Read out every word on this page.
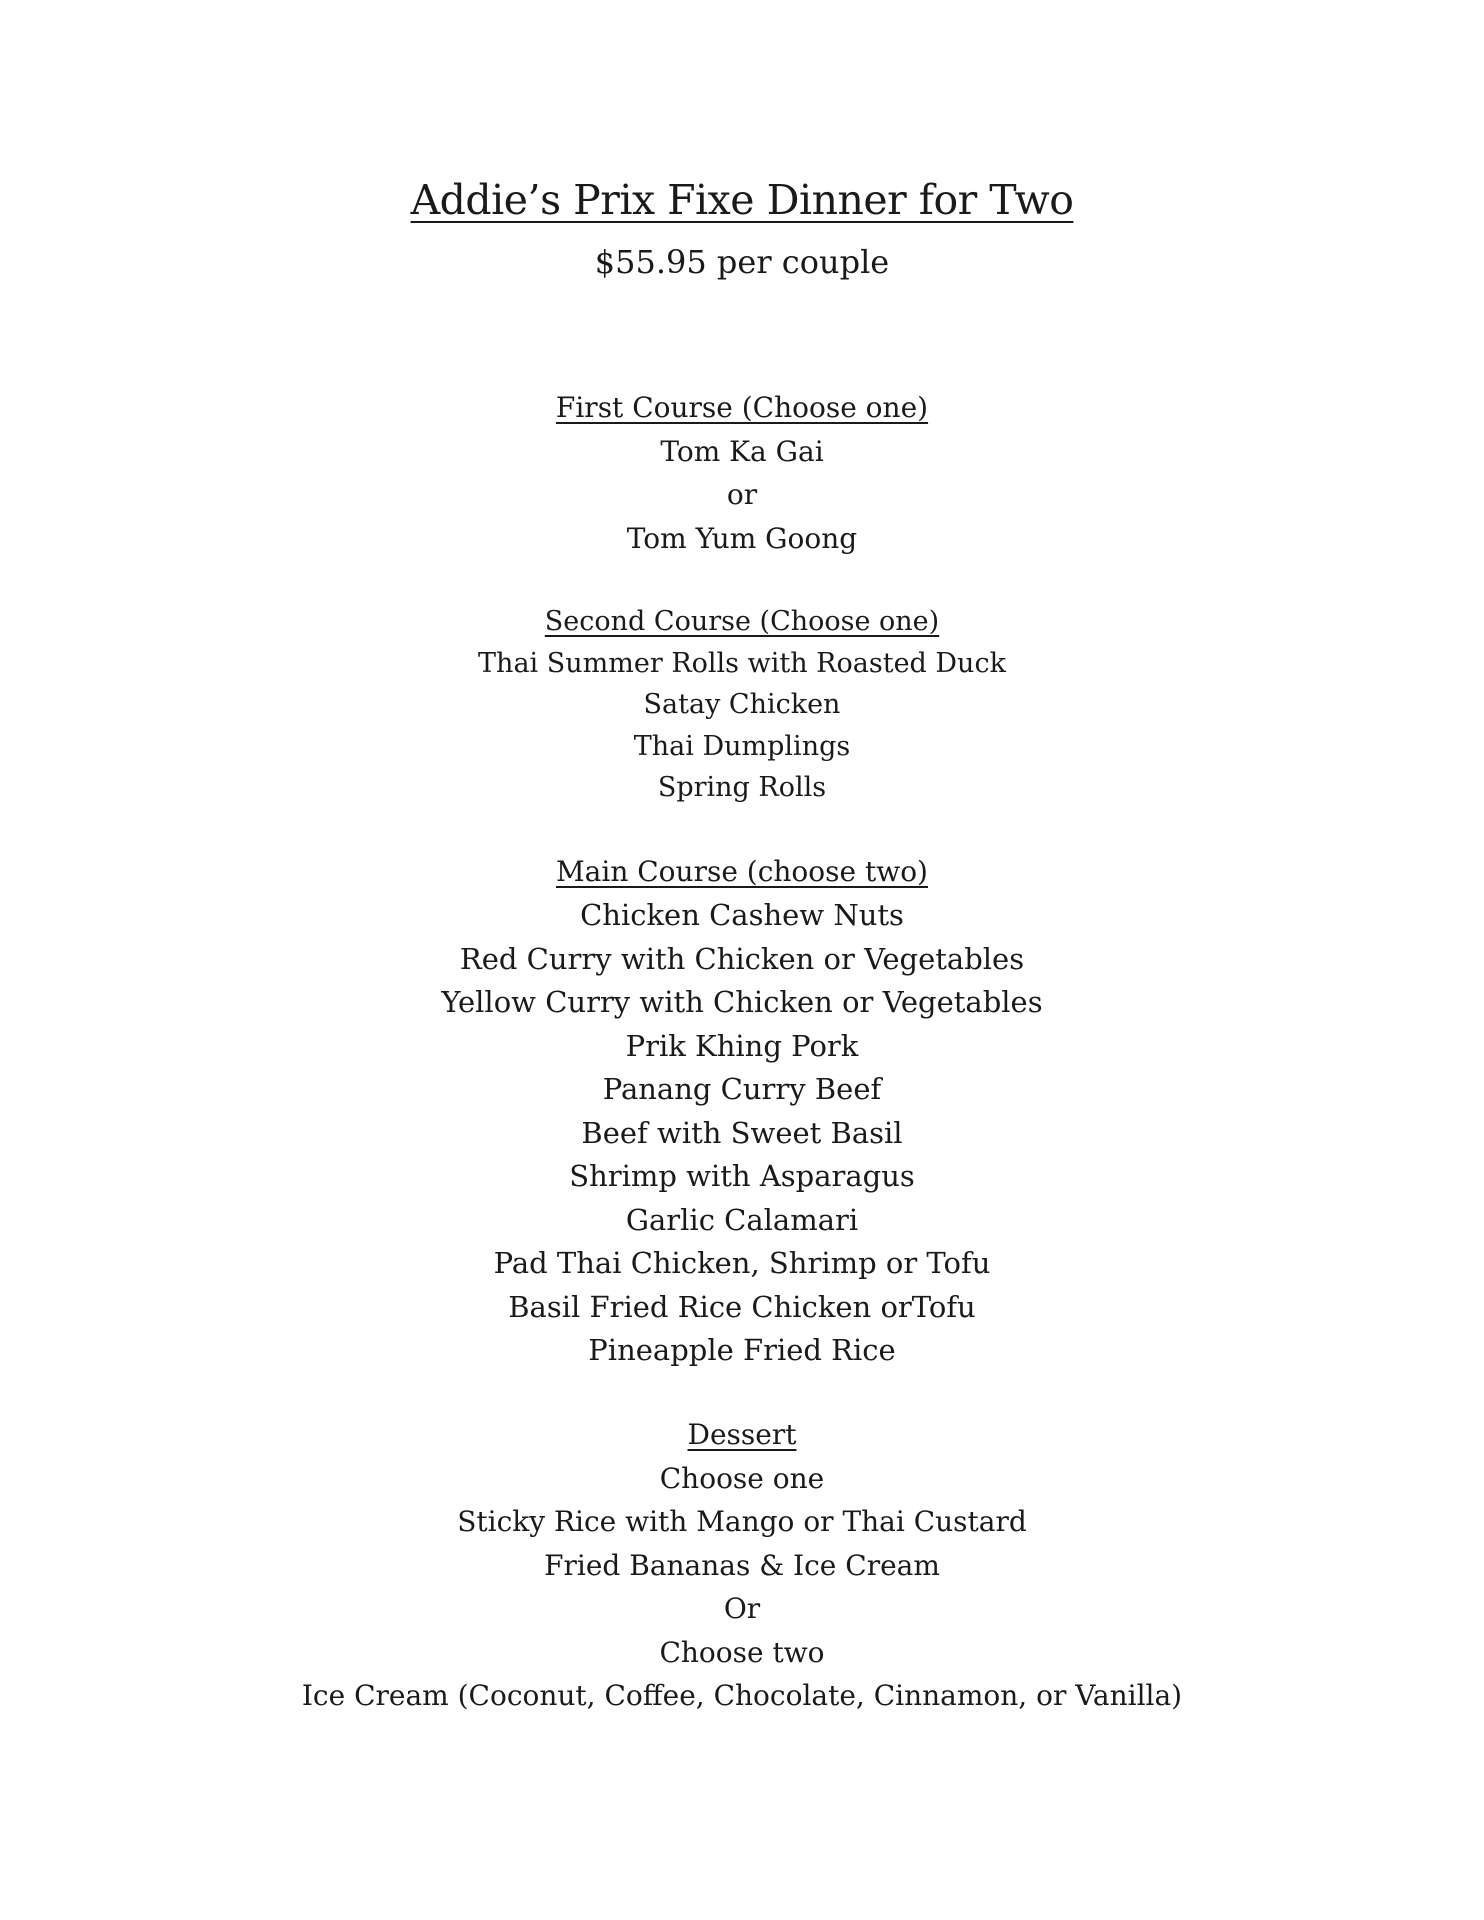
Addie’s Prix Fixe Dinner for Two
$55.95 per couple

First Course (Choose one)

Tom Ka Gai

or

Tom Yum Goong

Second Course (Choose one)

Thai Summer Rolls with Roasted Duck

Satay Chicken

Thai Dumplings

Spring Rolls

Main Course (choose two)

Chicken Cashew Nuts

Red Curry with Chicken or Vegetables

Yellow Curry with Chicken or Vegetables

Prik Khing Pork

Panang Curry Beef

Beef with Sweet Basil

Shrimp with Asparagus

Garlic Calamari

Pad Thai Chicken, Shrimp or Tofu

Basil Fried Rice Chicken orTofu

Pineapple Fried Rice

Dessert

Choose one

Sticky Rice with Mango or Thai Custard

Fried Bananas & Ice Cream

Or

Choose two

Ice Cream (Coconut, Coffee, Chocolate, Cinnamon, or Vanilla)
